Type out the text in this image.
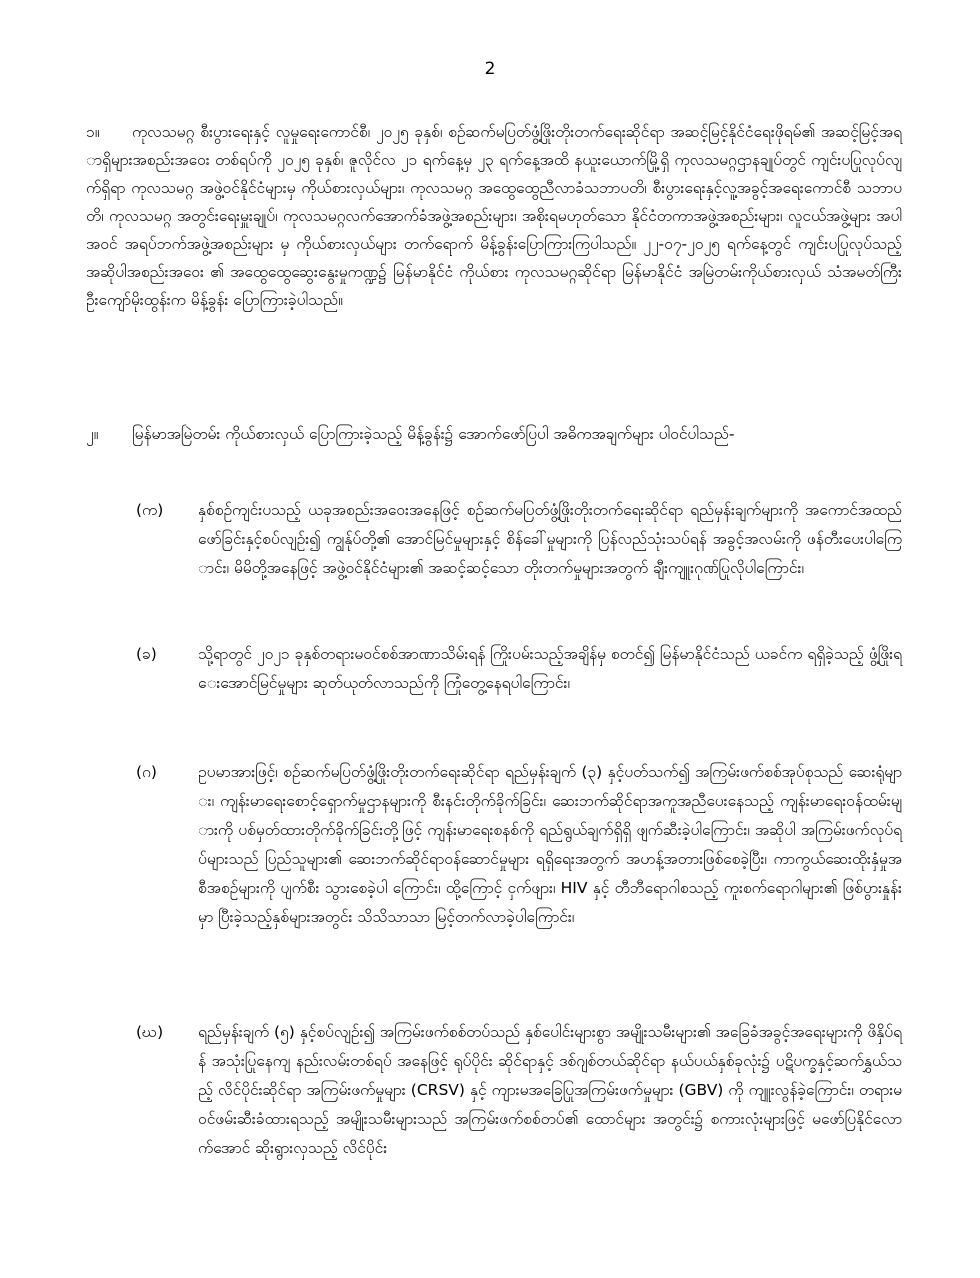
2
၁။ ကုလသမဂ္ဂ စီးပွားရေးနှင့် လူမှုရေးကောင်စီ၊ ၂၀၂၅ ခုနှစ်၊ စဉ်ဆက်မပြတ်ဖွံ့ဖြိုးတိုးတက်ရေးဆိုင်ရာ အဆင့်မြင့်နိုင်ငံရေးဖိုရမ်၏ အဆင့်မြင့်အရာရှိများအစည်းအဝေး တစ်ရပ်ကို ၂၀၂၅ ခုနှစ်၊ ဇူလိုင်လ ၂၁ ရက်နေ့မှ ၂၃ ရက်နေ့အထိ နယူးယောက်မြို့ရှိ ကုလသမဂ္ဂဌာနချုပ်တွင် ကျင်းပပြုလုပ်လျက်ရှိရာ ကုလသမဂ္ဂ အဖွဲ့ဝင်နိုင်ငံများမှ ကိုယ်စားလှယ်များ၊ ကုလသမဂ္ဂ အထွေထွေညီလာခံသဘာပတိ၊ စီးပွားရေးနှင့်လူ့အခွင့်အရေးကောင်စီ သဘာပတိ၊ ကုလသမဂ္ဂ အတွင်းရေးမှူးချုပ်၊ ကုလသမဂ္ဂလက်အောက်ခံအဖွဲ့အစည်းများ၊ အစိုးရမဟုတ်သော နိုင်ငံတကာအဖွဲ့အစည်းများ၊ လူငယ်အဖွဲ့များ အပါအဝင် အရပ်ဘက်အဖွဲ့အစည်းများ မှ ကိုယ်စားလှယ်များ တက်ရောက် မိန့်ခွန်းပြောကြားကြပါသည်။ ၂၂-၀၇-၂၀၂၅ ရက်နေ့တွင် ကျင်းပပြုလုပ်သည့် အဆိုပါအစည်းအဝေး ၏ အထွေထွေဆွေးနွေးမှုကဏ္ဍ၌ မြန်မာနိုင်ငံ ကိုယ်စား ကုလသမဂ္ဂဆိုင်ရာ မြန်မာနိုင်ငံ အမြဲတမ်းကိုယ်စားလှယ် သံအမတ်ကြီး ဦးကျော်မိုးထွန်းက မိန့်ခွန်း ပြောကြားခဲ့ပါသည်။
၂။ မြန်မာအမြဲတမ်း ကိုယ်စားလှယ် ပြောကြားခဲ့သည့် မိန့်ခွန်း၌ အောက်ဖော်ပြပါ အဓိကအချက်များ ပါဝင်ပါသည်-
(က)	နှစ်စဉ်ကျင်းပသည့် ယခုအစည်းအဝေးအနေဖြင့် စဉ်ဆက်မပြတ်ဖွံ့ဖြိုးတိုးတက်ရေးဆိုင်ရာ ရည်မှန်းချက်များကို အကောင်အထည်ဖော်ခြင်းနှင့်စပ်လျဉ်း၍ ကျွန်ုပ်တို့၏ အောင်မြင်မှုများနှင့် စိန်ခေါ်မှုများကို ပြန်လည်သုံးသပ်ရန် အခွင့်အလမ်းကို ဖန်တီးပေးပါကြောင်း၊ မိမိတို့အနေဖြင့် အဖွဲ့ဝင်နိုင်ငံများ၏ အဆင့်ဆင့်သော တိုးတက်မှုများအတွက် ချီးကျူးဂုဏ်ပြုလိုပါကြောင်း၊
(ခ)	သို့ရာတွင် ၂၀၂၁ ခုနှစ်တရားမဝင်စစ်အာဏာသိမ်းရန် ကြိုးပမ်းသည့်အချိန်မှ စတင်၍ မြန်မာနိုင်ငံသည် ယခင်က ရရှိခဲ့သည့် ဖွံ့ဖြိုးရေးအောင်မြင်မှုများ ဆုတ်ယုတ်လာသည်ကို ကြုံတွေ့နေရပါကြောင်း၊
(ဂ)	ဥပမာအားဖြင့်၊ စဉ်ဆက်မပြတ်ဖွံ့ဖြိုးတိုးတက်ရေးဆိုင်ရာ ရည်မှန်းချက် (၃) နှင့်ပတ်သက်၍ အကြမ်းဖက်စစ်အုပ်စုသည် ဆေးရုံများ၊ ကျန်းမာရေးစောင့်ရှောက်မှုဌာနများကို စီးနင်းတိုက်ခိုက်ခြင်း၊ ဆေးဘက်ဆိုင်ရာအကူအညီပေးနေသည့် ကျန်းမာရေးဝန်ထမ်းများကို ပစ်မှတ်ထားတိုက်ခိုက်ခြင်းတို့ဖြင့် ကျန်းမာရေးစနစ်ကို ရည်ရွယ်ချက်ရှိရှိ ဖျက်ဆီးခဲ့ပါကြောင်း၊ အဆိုပါ အကြမ်းဖက်လုပ်ရပ်များသည် ပြည်သူများ၏ ဆေးဘက်ဆိုင်ရာဝန်ဆောင်မှုများ ရရှိရေးအတွက် အဟန့်အတားဖြစ်စေခဲ့ပြီး၊ ကာကွယ်ဆေးထိုးနှံမှုအစီအစဉ်များကို ပျက်စီး သွားစေခဲ့ပါ ကြောင်း၊ ထို့ကြောင့် ငှက်ဖျား၊ HIV နှင့် တီဘီရောဂါစသည့် ကူးစက်ရောဂါများ၏ ဖြစ်ပွားနှုန်းမှာ ပြီးခဲ့သည့်နှစ်များအတွင်း သိသိသာသာ မြင့်တက်လာခဲ့ပါကြောင်း၊
(ဃ)	ရည်မှန်းချက် (၅) နှင့်စပ်လျဉ်း၍ အကြမ်းဖက်စစ်တပ်သည် နှစ်ပေါင်းများစွာ အမျိုးသမီးများ၏ အခြေခံအခွင့်အရေးများကို ဖိနှိပ်ရန် အသုံးပြုနေကျ နည်းလမ်းတစ်ရပ် အနေဖြင့် ရုပ်ပိုင်း ဆိုင်ရာနှင့် ဒစ်ဂျစ်တယ်ဆိုင်ရာ နယ်ပယ်နှစ်ခုလုံး၌ ပဋိပက္ခနှင့်ဆက်နွှယ်သည့် လိင်ပိုင်းဆိုင်ရာ အကြမ်းဖက်မှုများ (CRSV) နှင့် ကျားမအခြေပြုအကြမ်းဖက်မှုများ (GBV) ကို ကျူးလွန်ခဲ့ကြောင်း၊ တရားမဝင်ဖမ်းဆီးခံထားရသည့် အမျိုးသမီးများသည် အကြမ်းဖက်စစ်တပ်၏ ထောင်များ အတွင်း၌ စကားလုံးများဖြင့် မဖော်ပြနိုင်လောက်အောင် ဆိုးရွားလှသည့် လိင်ပိုင်း
